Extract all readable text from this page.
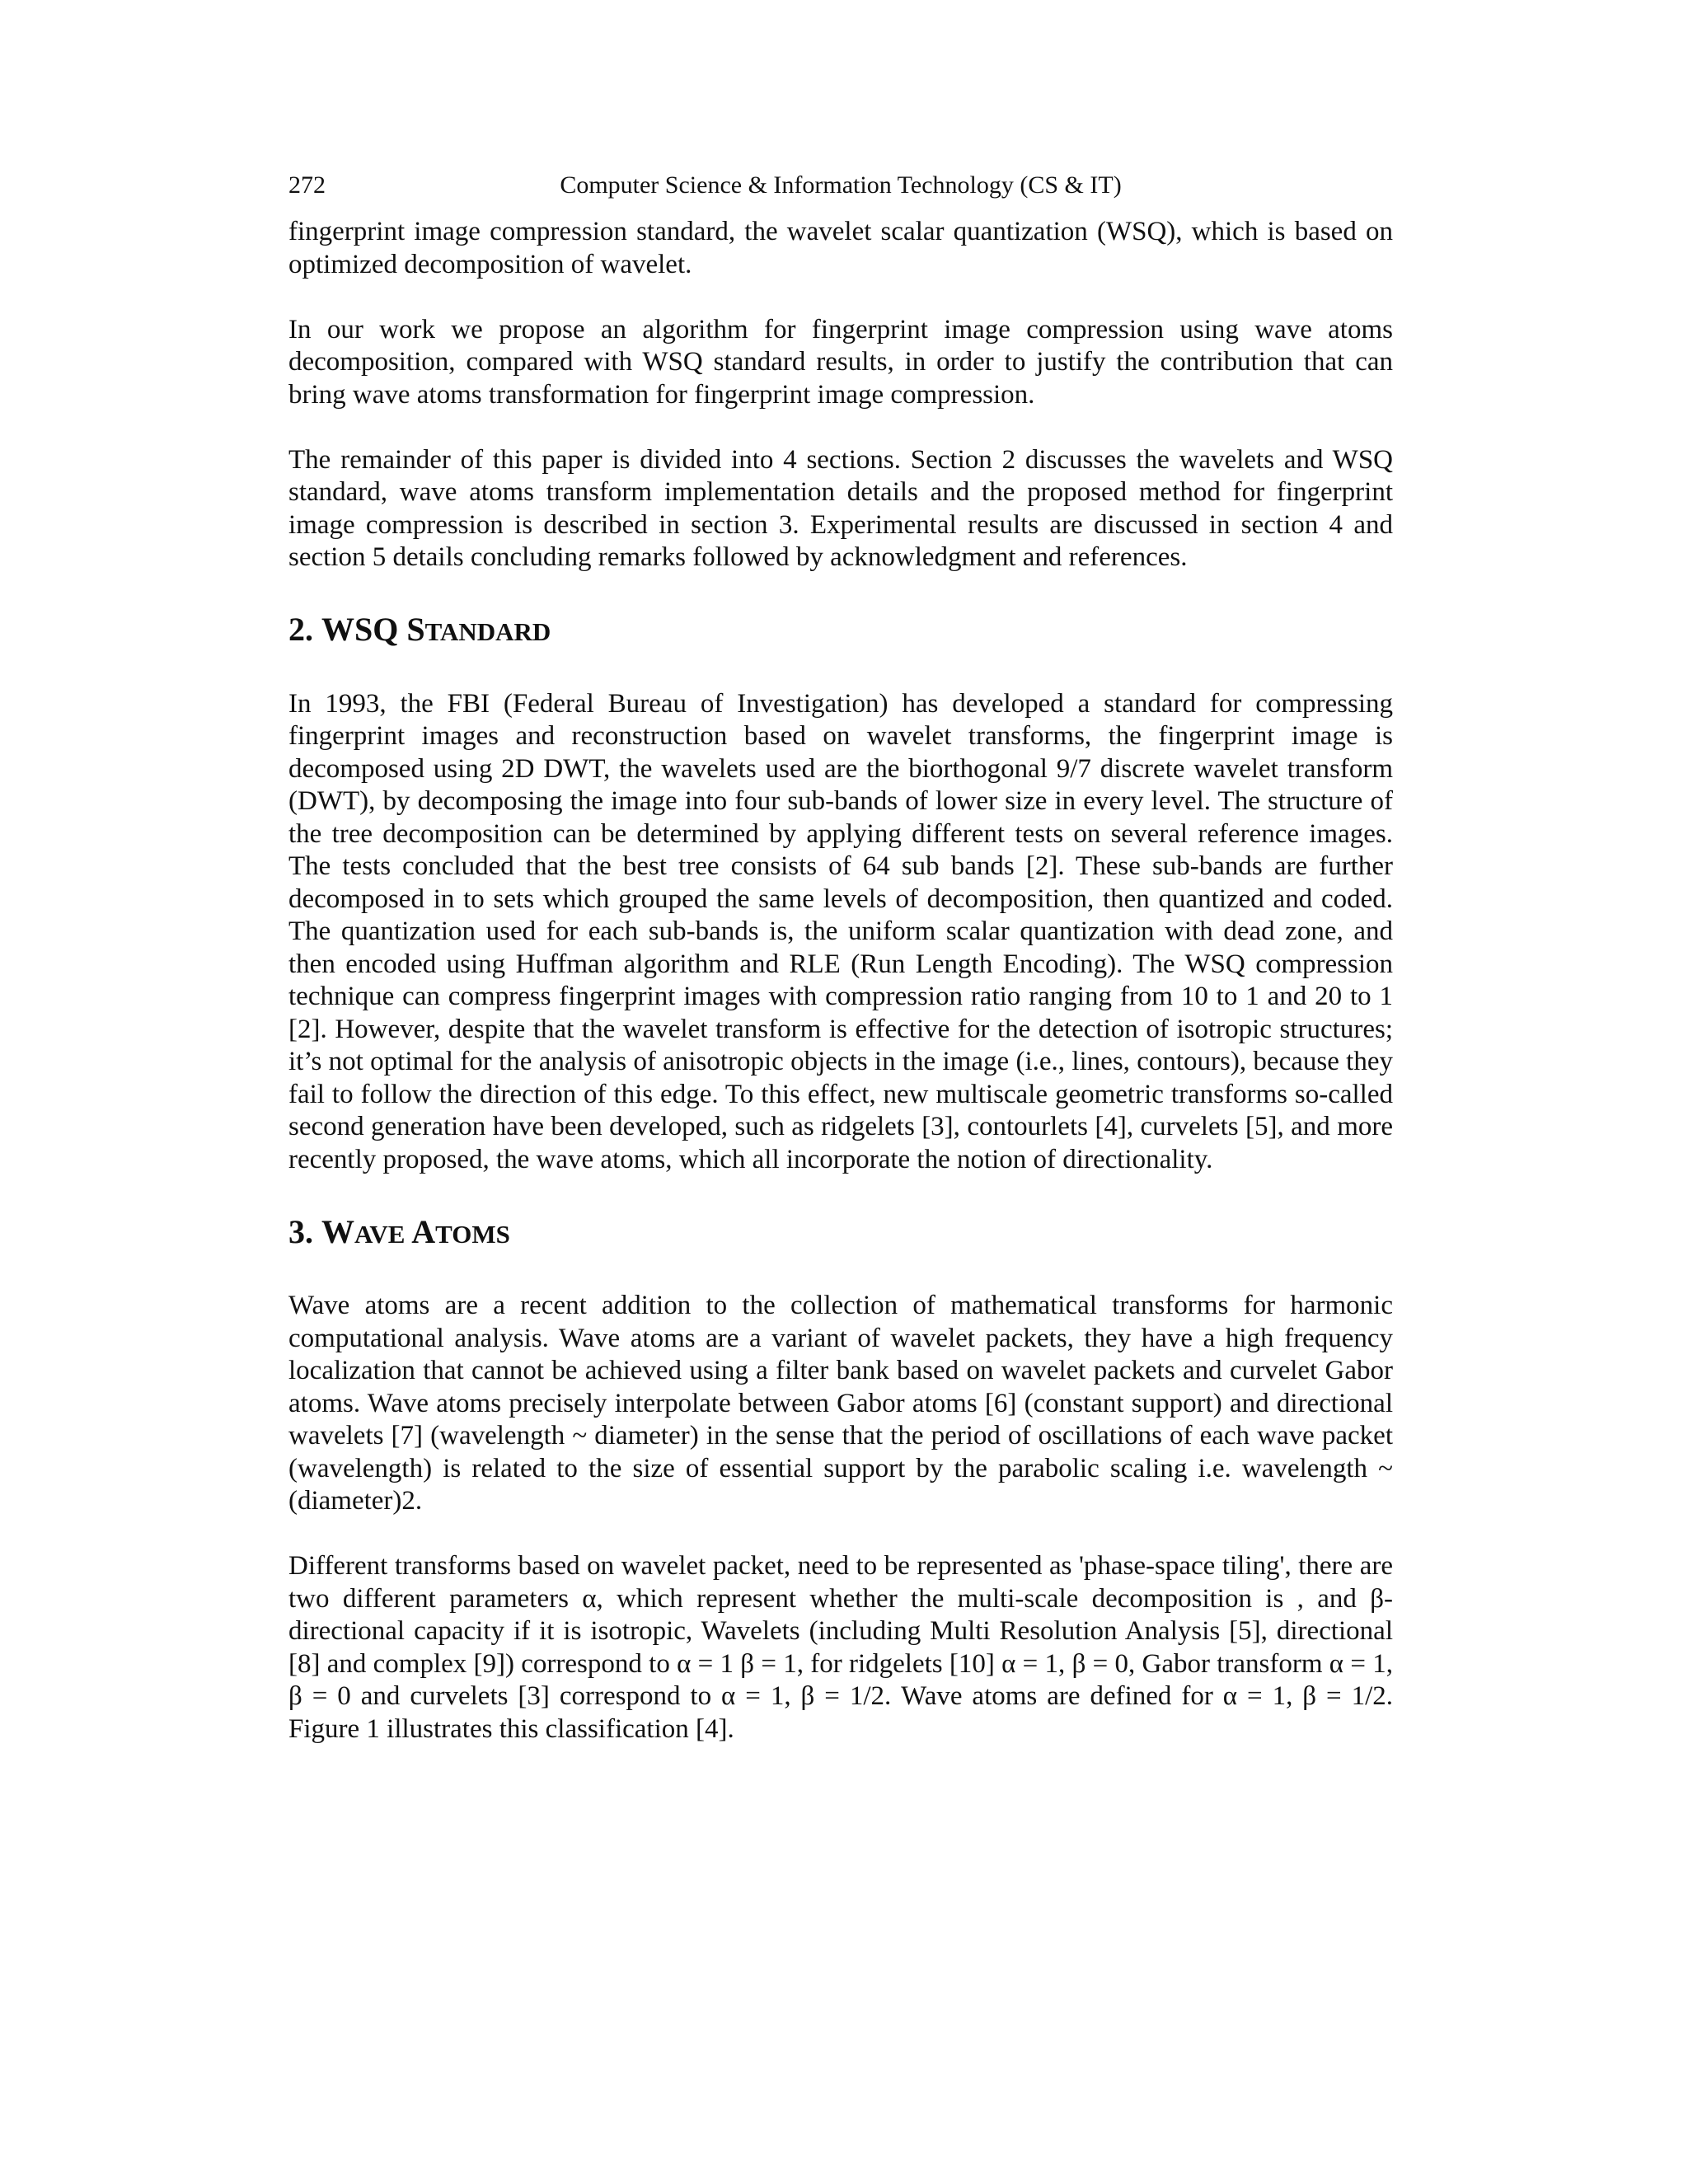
272	Computer Science & Information Technology (CS & IT)

fingerprint image compression standard, the wavelet scalar quantization (WSQ), which is based on optimized decomposition of wavelet.

In our work we propose an algorithm for fingerprint image compression using wave atoms decomposition, compared with WSQ standard results, in order to justify the contribution that can bring wave atoms transformation for fingerprint image compression.

The remainder of this paper is divided into 4 sections. Section 2 discusses the wavelets and WSQ standard, wave atoms transform implementation details and the proposed method for fingerprint image compression is described in section 3. Experimental results are discussed in section 4 and section 5 details concluding remarks followed by acknowledgment and references.

2. WSQ STANDARD

In 1993, the FBI (Federal Bureau of Investigation) has developed a standard for compressing fingerprint images and reconstruction based on wavelet transforms, the fingerprint image is decomposed using 2D DWT, the wavelets used are the biorthogonal 9/7 discrete wavelet transform (DWT), by decomposing the image into four sub-bands of lower size in every level. The structure of the tree decomposition can be determined by applying different tests on several reference images. The tests concluded that the best tree consists of 64 sub bands [2]. These sub-bands are further decomposed in to sets which grouped the same levels of decomposition, then quantized and coded. The quantization used for each sub-bands is, the uniform scalar quantization with dead zone, and then encoded using Huffman algorithm and RLE (Run Length Encoding). The WSQ compression technique can compress fingerprint images with compression ratio ranging from 10 to 1 and 20 to 1 [2]. However, despite that the wavelet transform is effective for the detection of isotropic structures; it’s not optimal for the analysis of anisotropic objects in the image (i.e., lines, contours), because they fail to follow the direction of this edge. To this effect, new multiscale geometric transforms so-called second generation have been developed, such as ridgelets [3], contourlets [4], curvelets [5], and more recently proposed, the wave atoms, which all incorporate the notion of directionality.

3. WAVE ATOMS

Wave atoms are a recent addition to the collection of mathematical transforms for harmonic computational analysis. Wave atoms are a variant of wavelet packets, they have a high frequency localization that cannot be achieved using a filter bank based on wavelet packets and curvelet Gabor atoms. Wave atoms precisely interpolate between Gabor atoms [6] (constant support) and directional wavelets [7] (wavelength ~ diameter) in the sense that the period of oscillations of each wave packet (wavelength) is related to the size of essential support by the parabolic scaling i.e. wavelength ~ (diameter)2.

Different transforms based on wavelet packet, need to be represented as 'phase-space tiling', there are two different parameters α, which represent whether the multi-scale decomposition is , and β-directional capacity if it is isotropic, Wavelets (including Multi Resolution Analysis [5], directional [8] and complex [9]) correspond to α = 1 β = 1, for ridgelets [10] α = 1, β = 0, Gabor transform α = 1, β = 0 and curvelets [3] correspond to α = 1, β = 1/2. Wave atoms are defined for α = 1, β = 1/2. Figure 1 illustrates this classification [4].
